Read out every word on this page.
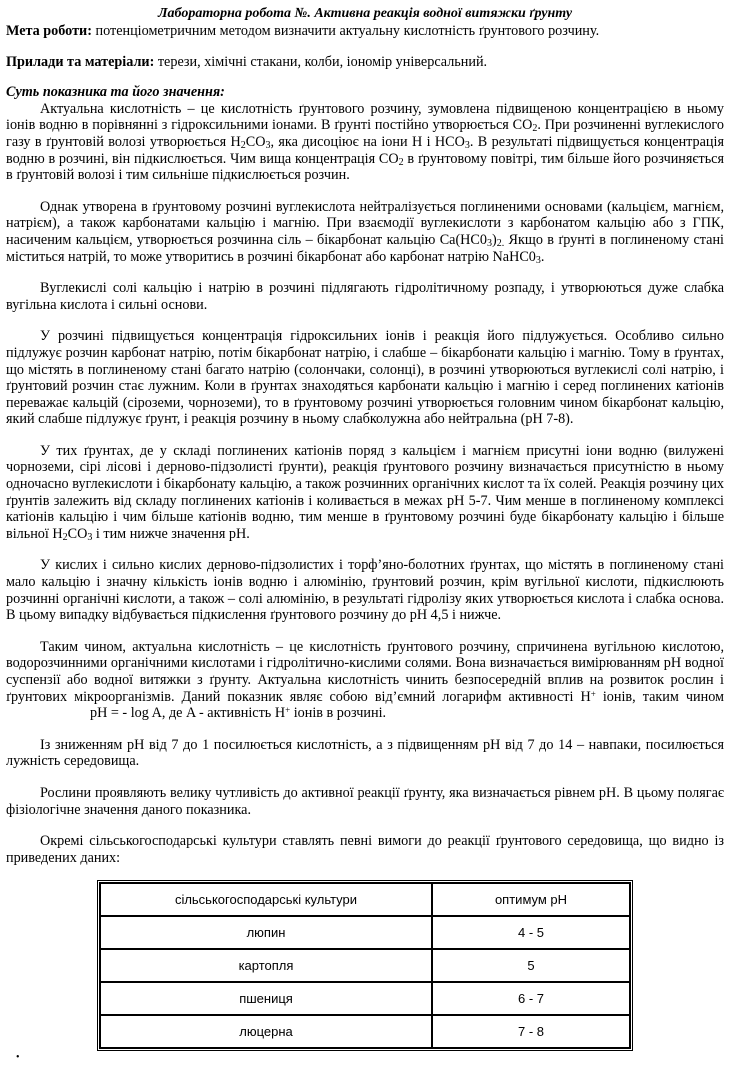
Лабораторна робота №. Активна реакція водної витяжки ґрунту
Мета роботи: потенціометричним методом визначити актуальну кислотність ґрунтового розчину.
Прилади та матеріали: терези, хімічні стакани, колби, іономір універсальний.
Суть показника та його значення:

Актуальна кислотність – це кислотність ґрунтового розчину, зумовлена підвищеною концентрацією в ньому іонів водню в порівнянні з гідроксильними іонами. В ґрунті постійно утворюється $CO_2$. При розчиненні вуглекислого газу в ґрунтовій волозі утворюється $H_2CO_3$, яка дисоціює на іони H і $HCO_3$. В результаті підвищується концентрація водню в розчині, він підкислюється. Чим вища концентрація $CO_2$ в ґрунтовому повітрі, тим більше його розчиняється в ґрунтовій волозі і тим сильніше підкислюється розчин.

Однак утворена в ґрунтовому розчині вуглекислота нейтралізується поглиненими основами (кальцієм, магнієм, натрієм), а також карбонатами кальцію і магнію. При взаємодії вуглекислоти з карбонатом кальцію або з ГПК, насиченим кальцієм, утворюється розчинна сіль – бікарбонат кальцію $Ca(HC0_3)_{2.}$ Якщо в ґрунті в поглиненому стані міститься натрій, то може утворитись в розчині бікарбонат або карбонат натрію $NaHC0_3$.

Вуглекислі солі кальцію і натрію в розчині підлягають гідролітичному розпаду, і утворюються дуже слабка вугільна кислота і сильні основи.

У розчині підвищується концентрація гідроксильних іонів і реакція його підлужується. Особливо сильно підлужує розчин карбонат натрію, потім бікарбонат натрію, і слабше – бікарбонати кальцію і магнію. Тому в ґрунтах, що містять в поглиненому стані багато натрію (солончаки, солонці), в розчині утворюються вуглекислі солі натрію, і ґрунтовий розчин стає лужним. Коли в ґрунтах знаходяться карбонати кальцію і магнію і серед поглинених катіонів переважає кальцій (сіроземи, чорноземи), то в ґрунтовому розчині утворюється головним чином бікарбонат кальцію, який слабше підлужує ґрунт, і реакція розчину в ньому слабколужна або нейтральна (pH 7-8).

У тих ґрунтах, де у складі поглинених катіонів поряд з кальцієм і магнієм присутні іони водню (вилужені чорноземи, сірі лісові і дерново-підзолисті ґрунти), реакція ґрунтового розчину визначається присутністю в ньому одночасно вуглекислоти і бікарбонату кальцію, а також розчинних органічних кислот та їх солей. Реакція розчину цих ґрунтів залежить від складу поглинених катіонів і коливається в межах pH 5-7. Чим менше в поглиненому комплексі катіонів кальцію і чим більше катіонів водню, тим менше в ґрунтовому розчині буде бікарбонату кальцію і більше вільної $H_2CO_3$ і тим нижче значення pH.

У кислих і сильно кислих дерново-підзолистих і торф’яно-болотних ґрунтах, що містять в поглиненому стані мало кальцію і значну кількість іонів водню і алюмінію, ґрунтовий розчин, крім вугільної кислоти, підкислюють розчинні органічні кислоти, а також – солі алюмінію, в результаті гідролізу яких утворюється кислота і слабка основа. В цьому випадку відбувається підкислення ґрунтового розчину до pH 4,5 і нижче.

Таким чином, актуальна кислотність – це кислотність ґрунтового розчину, спричинена вугільною кислотою, водорозчинними органічними кислотами і гідролітично-кислими солями. Вона визначається вимірюванням pH водної суспензії або водної витяжки з ґрунту. Актуальна кислотність чинить безпосередній вплив на розвиток рослин і ґрунтових мікроорганізмів. Даний показник являє собою від’ємний логарифм активності H+ іонів, таким чиномpH = - log A, де A - активність H+ іонів в розчині.

Із зниженням pH від 7 до 1 посилюється кислотність, а з підвищенням pH від 7 до 14 – навпаки, посилюється лужність середовища.

Рослини проявляють велику чутливість до активної реакції ґрунту, яка визначається рівнем pH. В цьому полягає фізіологічне значення даного показника.

Окремі сільськогосподарські культури ставлять певні вимоги до реакції ґрунтового середовища, що видно із приведених даних:

сільськогосподарські культури	оптимум pH
люпин	4 - 5
картопля	5
пшениця	6 - 7
люцерна	7 - 8
•
